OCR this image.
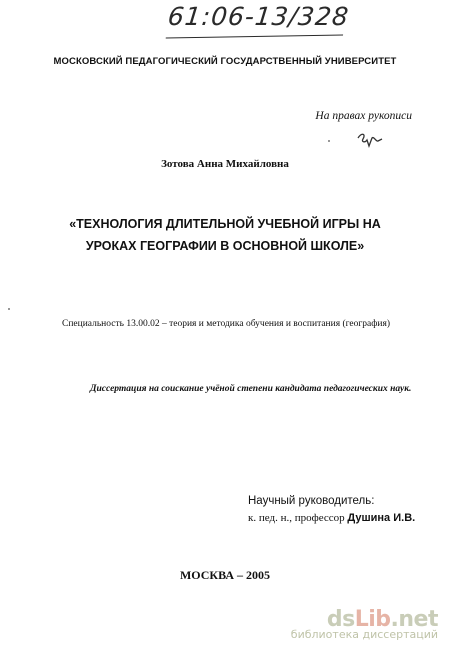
61:06-13/328
МОСКОВСКИЙ ПЕДАГОГИЧЕСКИЙ ГОСУДАРСТВЕННЫЙ УНИВЕРСИТЕТ
На правах рукописи
Зотова Анна Михайловна
«ТЕХНОЛОГИЯ ДЛИТЕЛЬНОЙ УЧЕБНОЙ ИГРЫ НА
УРОКАХ ГЕОГРАФИИ В ОСНОВНОЙ ШКОЛЕ»
Специальность 13.00.02 – теория и методика обучения и воспитания (география)
Диссертация на соискание учёной степени кандидата педагогических наук.
Научный руководитель:
к. пед. н., профессор Душина И.В.
МОСКВА – 2005
dsLib.net
библиотека диссертаций
